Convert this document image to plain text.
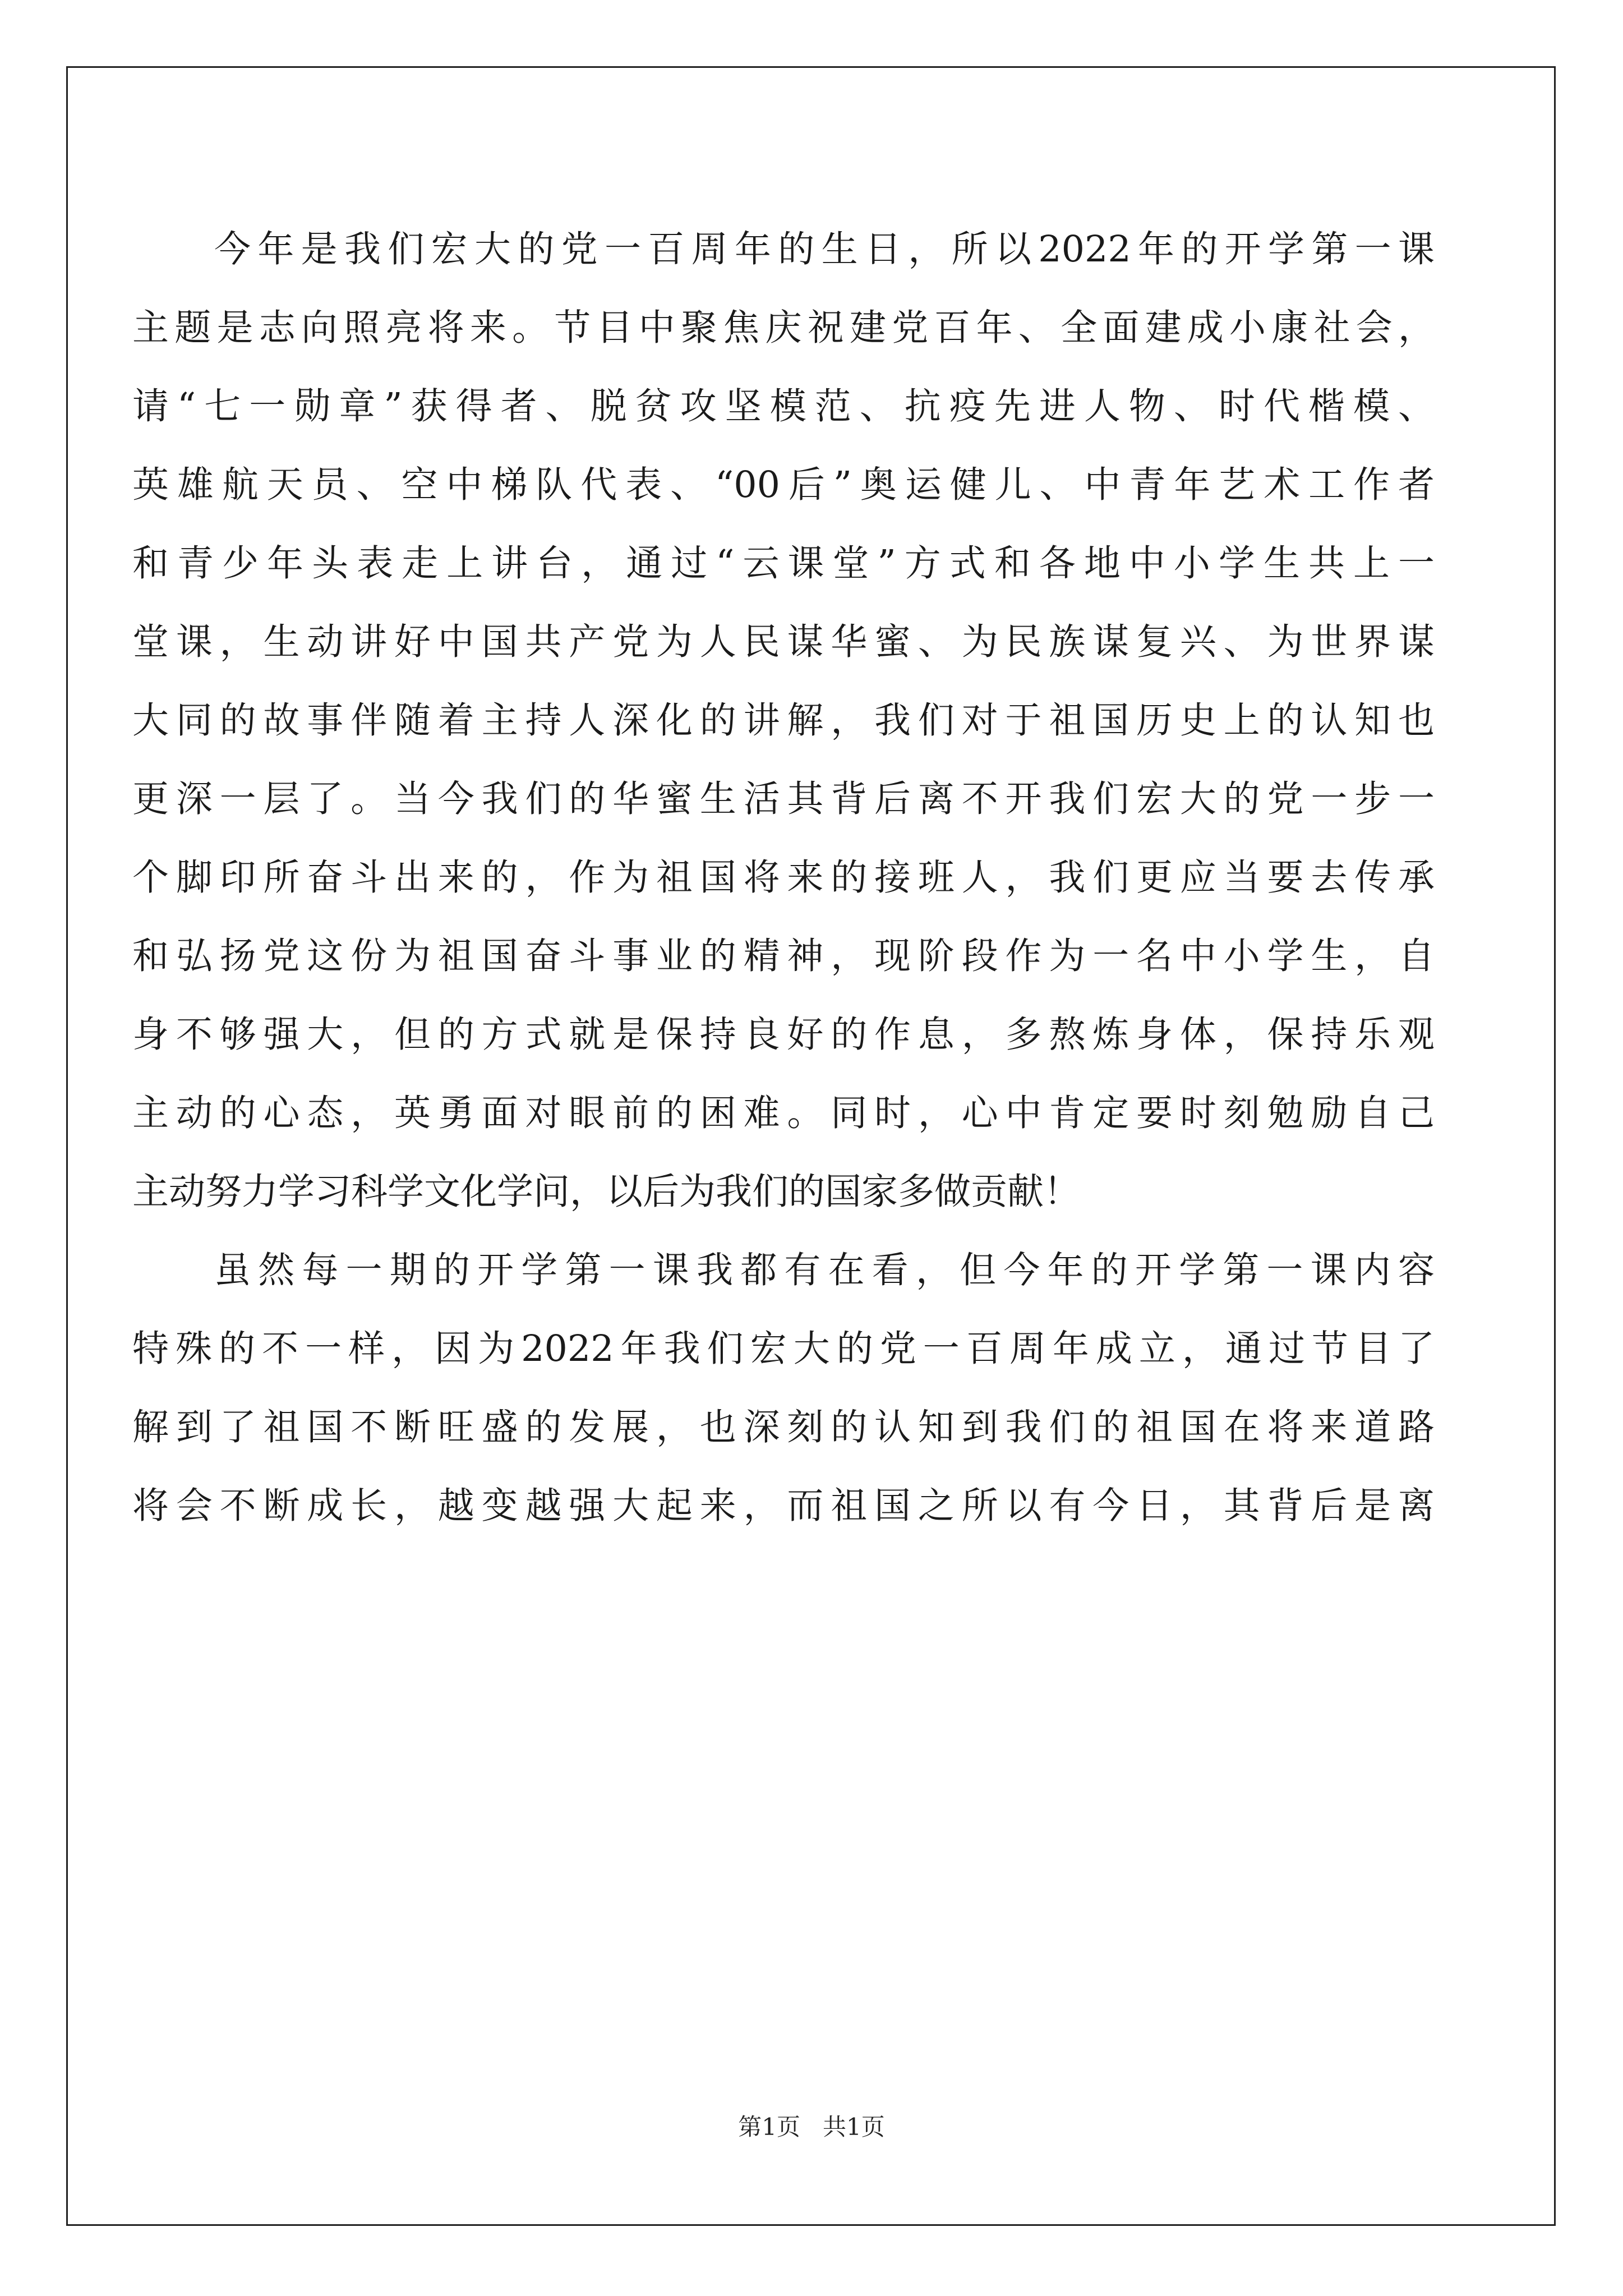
今年是我们宏大的党一百周年的生日，所以2022年的开学第一课
主题是志向照亮将来。节目中聚焦庆祝建党百年、全面建成小康社会，
请“七一勋章”获得者、脱贫攻坚模范、抗疫先进人物、时代楷模、
英雄航天员、空中梯队代表、“00后”奥运健儿、中青年艺术工作者
和青少年头表走上讲台，通过“云课堂”方式和各地中小学生共上一
堂课，生动讲好中国共产党为人民谋华蜜、为民族谋复兴、为世界谋
大同的故事伴随着主持人深化的讲解，我们对于祖国历史上的认知也
更深一层了。当今我们的华蜜生活其背后离不开我们宏大的党一步一
个脚印所奋斗出来的，作为祖国将来的接班人，我们更应当要去传承
和弘扬党这份为祖国奋斗事业的精神，现阶段作为一名中小学生，自
身不够强大，但的方式就是保持良好的作息，多熬炼身体，保持乐观
主动的心态，英勇面对眼前的困难。同时，心中肯定要时刻勉励自己
主动努力学习科学文化学问，以后为我们的国家多做贡献！
虽然每一期的开学第一课我都有在看，但今年的开学第一课内容
特殊的不一样，因为2022年我们宏大的党一百周年成立，通过节目了
解到了祖国不断旺盛的发展，也深刻的认知到我们的祖国在将来道路
将会不断成长，越变越强大起来，而祖国之所以有今日，其背后是离
第1页 共1页
